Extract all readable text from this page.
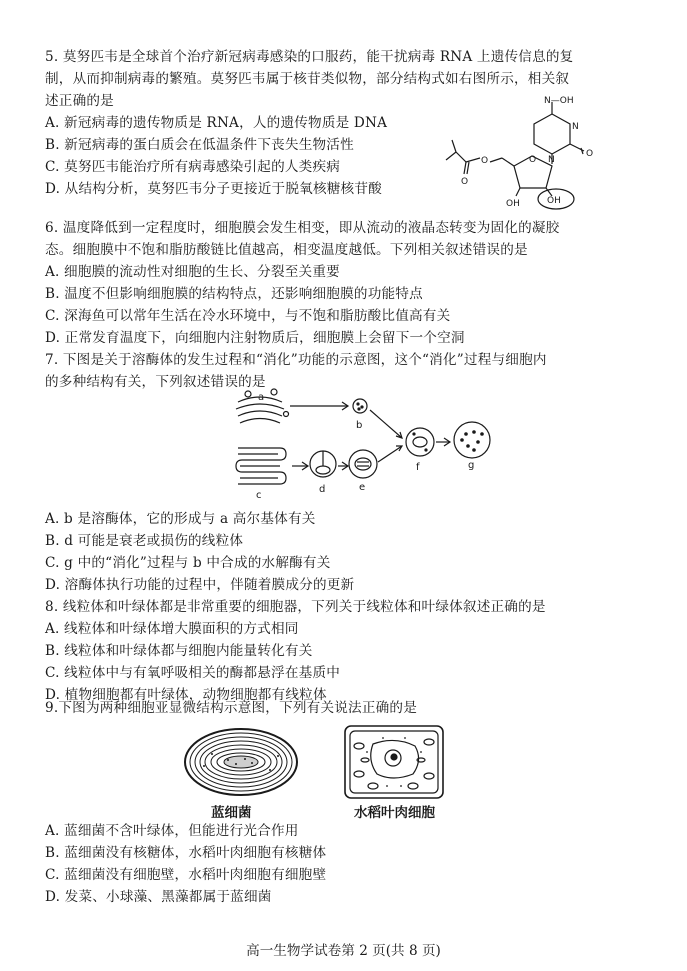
5. 莫努匹韦是全球首个治疗新冠病毒感染的口服药，能干扰病毒 RNA 上遗传信息的复
制，从而抑制病毒的繁殖。莫努匹韦属于核苷类似物，部分结构式如右图所示，相关叙
述正确的是
A. 新冠病毒的遗传物质是 RNA，人的遗传物质是 DNA
B. 新冠病毒的蛋白质会在低温条件下丧失生物活性
C. 莫努匹韦能治疗所有病毒感染引起的人类疾病
D. 从结构分析，莫努匹韦分子更接近于脱氧核糖核苷酸
N—OH
N
N
O
O
O
O
OH	OH
6. 温度降低到一定程度时，细胞膜会发生相变，即从流动的液晶态转变为固化的凝胶
态。细胞膜中不饱和脂肪酸链比值越高，相变温度越低。下列相关叙述错误的是
A. 细胞膜的流动性对细胞的生长、分裂至关重要
B. 温度不但影响细胞膜的结构特点，还影响细胞膜的功能特点
C. 深海鱼可以常年生活在冷水环境中，与不饱和脂肪酸比值高有关
D. 正常发育温度下，向细胞内注射物质后，细胞膜上会留下一个空洞
7. 下图是关于溶酶体的发生过程和“消化”功能的示意图，这个“消化”过程与细胞内
的多种结构有关，下列叙述错误的是
a
b
c
d	e
f	g
A. b 是溶酶体，它的形成与 a 高尔基体有关
B. d 可能是衰老或损伤的线粒体
C. g 中的“消化”过程与 b 中合成的水解酶有关
D. 溶酶体执行功能的过程中，伴随着膜成分的更新
8. 线粒体和叶绿体都是非常重要的细胞器，下列关于线粒体和叶绿体叙述正确的是
A. 线粒体和叶绿体增大膜面积的方式相同
B. 线粒体和叶绿体都与细胞内能量转化有关
C. 线粒体中与有氧呼吸相关的酶都悬浮在基质中
D. 植物细胞都有叶绿体，动物细胞都有线粒体
9.下图为两种细胞亚显微结构示意图，下列有关说法正确的是
蓝细菌	水稻叶肉细胞
A. 蓝细菌不含叶绿体，但能进行光合作用
B. 蓝细菌没有核糖体，水稻叶肉细胞有核糖体
C. 蓝细菌没有细胞壁，水稻叶肉细胞有细胞壁
D. 发菜、小球藻、黑藻都属于蓝细菌
高一生物学试卷第 2 页(共 8 页)
